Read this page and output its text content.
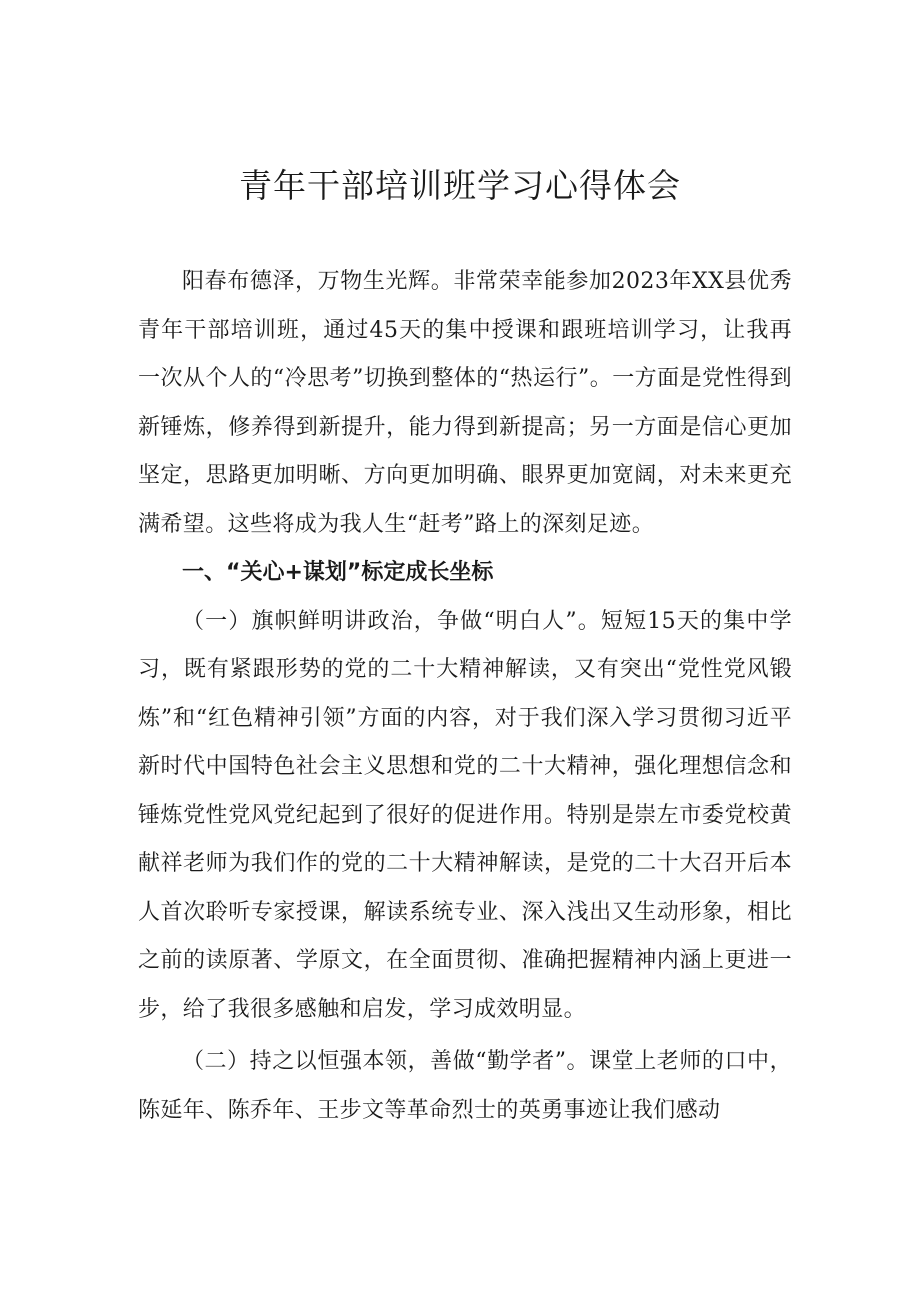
青年干部培训班学习心得体会

阳春布德泽，万物生光辉。非常荣幸能参加2023年XX县优秀青年干部培训班，通过45天的集中授课和跟班培训学习，让我再一次从个人的“冷思考”切换到整体的“热运行”。一方面是党性得到新锤炼，修养得到新提升，能力得到新提高；另一方面是信心更加坚定，思路更加明晰、方向更加明确、眼界更加宽阔，对未来更充满希望。这些将成为我人生“赶考”路上的深刻足迹。

一、“关心+谋划”标定成长坐标

（一）旗帜鲜明讲政治，争做“明白人”。短短15天的集中学习，既有紧跟形势的党的二十大精神解读，又有突出“党性党风锻炼”和“红色精神引领”方面的内容，对于我们深入学习贯彻习近平新时代中国特色社会主义思想和党的二十大精神，强化理想信念和锤炼党性党风党纪起到了很好的促进作用。特别是崇左市委党校黄献祥老师为我们作的党的二十大精神解读，是党的二十大召开后本人首次聆听专家授课，解读系统专业、深入浅出又生动形象，相比之前的读原著、学原文，在全面贯彻、准确把握精神内涵上更进一步，给了我很多感触和启发，学习成效明显。

（二）持之以恒强本领，善做“勤学者”。课堂上老师的口中，陈延年、陈乔年、王步文等革命烈士的英勇事迹让我们感动
